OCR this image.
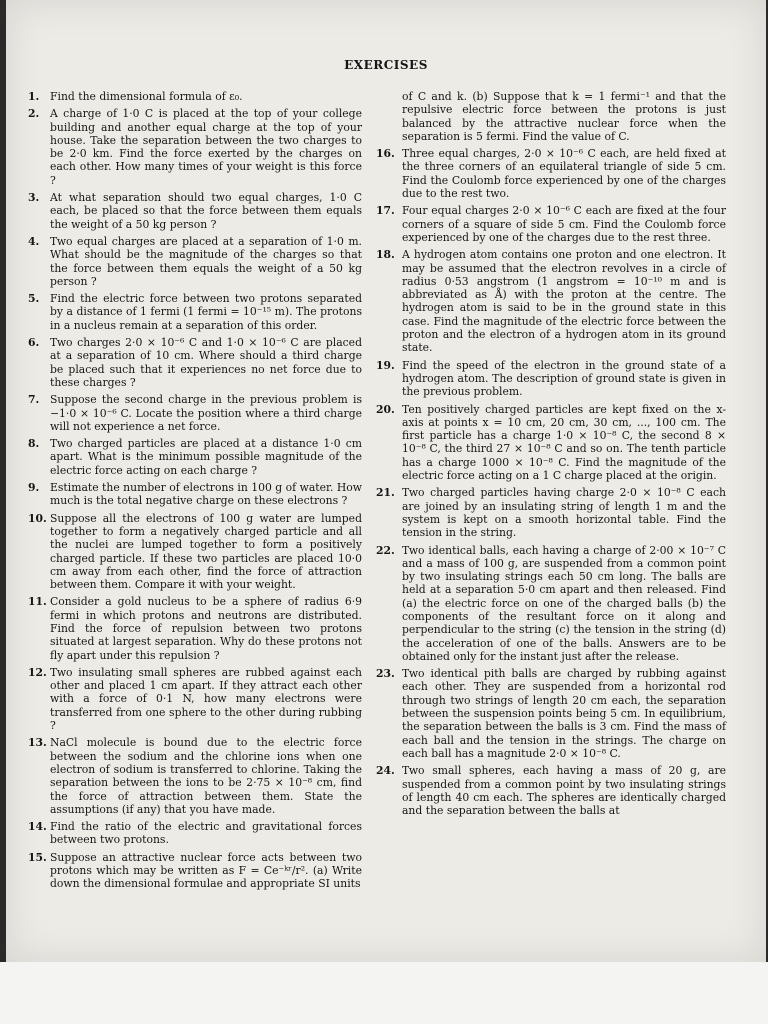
EXERCISES
1. Find the dimensional formula of ε₀.
2. A charge of 1·0 C is placed at the top of your college building and another equal charge at the top of your house. Take the separation between the two charges to be 2·0 km. Find the force exerted by the charges on each other. How many times of your weight is this force ?
3. At what separation should two equal charges, 1·0 C each, be placed so that the force between them equals the weight of a 50 kg person ?
4. Two equal charges are placed at a separation of 1·0 m. What should be the magnitude of the charges so that the force between them equals the weight of a 50 kg person ?
5. Find the electric force between two protons separated by a distance of 1 fermi (1 fermi = 10⁻¹⁵ m). The protons in a nucleus remain at a separation of this order.
6. Two charges 2·0 × 10⁻⁶ C and 1·0 × 10⁻⁶ C are placed at a separation of 10 cm. Where should a third charge be placed such that it experiences no net force due to these charges ?
7. Suppose the second charge in the previous problem is −1·0 × 10⁻⁶ C. Locate the position where a third charge will not experience a net force.
8. Two charged particles are placed at a distance 1·0 cm apart. What is the minimum possible magnitude of the electric force acting on each charge ?
9. Estimate the number of electrons in 100 g of water. How much is the total negative charge on these electrons ?
10. Suppose all the electrons of 100 g water are lumped together to form a negatively charged particle and all the nuclei are lumped together to form a positively charged particle. If these two particles are placed 10·0 cm away from each other, find the force of attraction between them. Compare it with your weight.
11. Consider a gold nucleus to be a sphere of radius 6·9 fermi in which protons and neutrons are distributed. Find the force of repulsion between two protons situated at largest separation. Why do these protons not fly apart under this repulsion ?
12. Two insulating small spheres are rubbed against each other and placed 1 cm apart. If they attract each other with a force of 0·1 N, how many electrons were transferred from one sphere to the other during rubbing ?
13. NaCl molecule is bound due to the electric force between the sodium and the chlorine ions when one electron of sodium is transferred to chlorine. Taking the separation between the ions to be 2·75 × 10⁻⁸ cm, find the force of attraction between them. State the assumptions (if any) that you have made.
14. Find the ratio of the electric and gravitational forces between two protons.
15. Suppose an attractive nuclear force acts between two protons which may be written as F = Ce⁻ᵏʳ/r². (a) Write down the dimensional formulae and appropriate SI units
of C and k. (b) Suppose that k = 1 fermi⁻¹ and that the repulsive electric force between the protons is just balanced by the attractive nuclear force when the separation is 5 fermi. Find the value of C.
16. Three equal charges, 2·0 × 10⁻⁶ C each, are held fixed at the three corners of an equilateral triangle of side 5 cm. Find the Coulomb force experienced by one of the charges due to the rest two.
17. Four equal charges 2·0 × 10⁻⁶ C each are fixed at the four corners of a square of side 5 cm. Find the Coulomb force experienced by one of the charges due to the rest three.
18. A hydrogen atom contains one proton and one electron. It may be assumed that the electron revolves in a circle of radius 0·53 angstrom (1 angstrom = 10⁻¹⁰ m and is abbreviated as Å) with the proton at the centre. The hydrogen atom is said to be in the ground state in this case. Find the magnitude of the electric force between the proton and the electron of a hydrogen atom in its ground state.
19. Find the speed of the electron in the ground state of a hydrogen atom. The description of ground state is given in the previous problem.
20. Ten positively charged particles are kept fixed on the x-axis at points x = 10 cm, 20 cm, 30 cm, ..., 100 cm. The first particle has a charge 1·0 × 10⁻⁸ C, the second 8 × 10⁻⁸ C, the third 27 × 10⁻⁸ C and so on. The tenth particle has a charge 1000 × 10⁻⁸ C. Find the magnitude of the electric force acting on a 1 C charge placed at the origin.
21. Two charged particles having charge 2·0 × 10⁻⁸ C each are joined by an insulating string of length 1 m and the system is kept on a smooth horizontal table. Find the tension in the string.
22. Two identical balls, each having a charge of 2·00 × 10⁻⁷ C and a mass of 100 g, are suspended from a common point by two insulating strings each 50 cm long. The balls are held at a separation 5·0 cm apart and then released. Find (a) the electric force on one of the charged balls (b) the components of the resultant force on it along and perpendicular to the string (c) the tension in the string (d) the acceleration of one of the balls. Answers are to be obtained only for the instant just after the release.
23. Two identical pith balls are charged by rubbing against each other. They are suspended from a horizontal rod through two strings of length 20 cm each, the separation between the suspension points being 5 cm. In equilibrium, the separation between the balls is 3 cm. Find the mass of each ball and the tension in the strings. The charge on each ball has a magnitude 2·0 × 10⁻⁸ C.
24. Two small spheres, each having a mass of 20 g, are suspended from a common point by two insulating strings of length 40 cm each. The spheres are identically charged and the separation between the balls at
